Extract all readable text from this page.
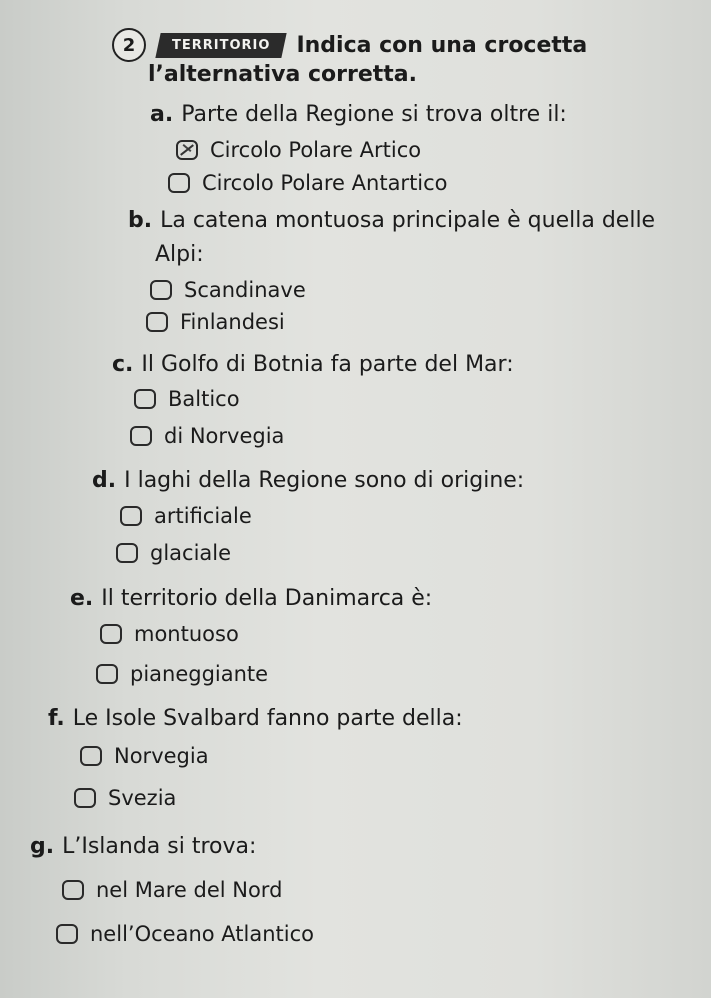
2	TERRITORIO	Indica con una crocetta
l’alternativa corretta.
a. Parte della Regione si trova oltre il:
Circolo Polare Artico
Circolo Polare Antartico
b. La catena montuosa principale è quella delle
Alpi:
Scandinave
Finlandesi
c. Il Golfo di Botnia fa parte del Mar:
Baltico
di Norvegia
d. I laghi della Regione sono di origine:
artificiale
glaciale
e. Il territorio della Danimarca è:
montuoso
pianeggiante
f. Le Isole Svalbard fanno parte della:
Norvegia
Svezia
g. L’Islanda si trova:
nel Mare del Nord
nell’Oceano Atlantico
